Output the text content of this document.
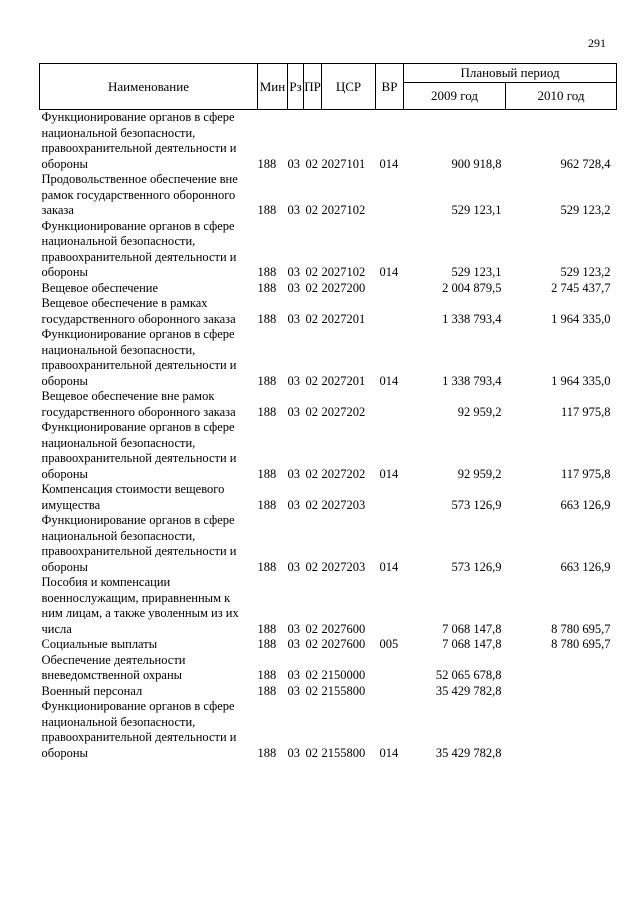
291
Наименование	Мин	Рз	ПР	ЦСР	ВР	Плановый период	
						2009 год	2010 год
Функционирование органов в сфере национальной безопасности, правоохранительной деятельности и обороны	188	03	02	2027101	014	900 918,8	962 728,4
Продовольственное обеспечение вне рамок государственного оборонного заказа	188	03	02	2027102		529 123,1	529 123,2
Функционирование органов в сфере национальной безопасности, правоохранительной деятельности и обороны	188	03	02	2027102	014	529 123,1	529 123,2
Вещевое обеспечение	188	03	02	2027200		2 004 879,5	2 745 437,7
Вещевое обеспечение в рамках государственного оборонного заказа	188	03	02	2027201		1 338 793,4	1 964 335,0
Функционирование органов в сфере национальной безопасности, правоохранительной деятельности и обороны	188	03	02	2027201	014	1 338 793,4	1 964 335,0
Вещевое обеспечение вне рамок государственного оборонного заказа	188	03	02	2027202		92 959,2	117 975,8
Функционирование органов в сфере национальной безопасности, правоохранительной деятельности и обороны	188	03	02	2027202	014	92 959,2	117 975,8
Компенсация стоимости вещевого имущества	188	03	02	2027203		573 126,9	663 126,9
Функционирование органов в сфере национальной безопасности, правоохранительной деятельности и обороны	188	03	02	2027203	014	573 126,9	663 126,9
Пособия и компенсации военнослужащим, приравненным к ним лицам, а также уволенным из их числа	188	03	02	2027600		7 068 147,8	8 780 695,7
Социальные выплаты	188	03	02	2027600	005	7 068 147,8	8 780 695,7
Обеспечение деятельности вневедомственной охраны	188	03	02	2150000		52 065 678,8	
Военный персонал	188	03	02	2155800		35 429 782,8	
Функционирование органов в сфере национальной безопасности, правоохранительной деятельности и обороны	188	03	02	2155800	014	35 429 782,8	
